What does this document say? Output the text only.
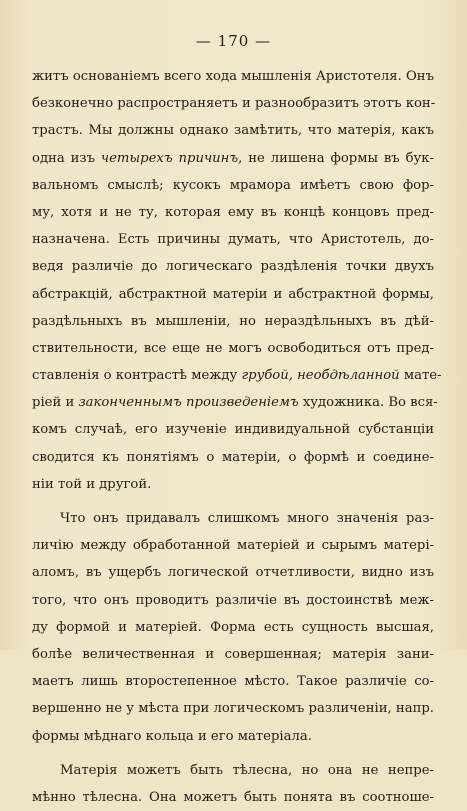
— 170 —
житъ основаніемъ всего хода мышленія Аристотеля. Онъ
безконечно распространяетъ и разнообразитъ этотъ кон-
трастъ. Мы должны однако замѣтить, что матерія, какъ
одна изъ четырехъ причинъ, не лишена формы въ бук-
вальномъ смыслѣ; кусокъ мрамора имѣетъ свою фор-
му, хотя и не ту, которая ему въ концѣ концовъ пред-
назначена. Есть причины думать, что Аристотель, до-
ведя различіе до логическаго раздѣленія точки двухъ
абстракцій, абстрактной матеріи и абстрактной формы,
раздѣльныхъ въ мышленіи, но нераздѣльныхъ въ дѣй-
ствительности, все еще не могъ освободиться отъ пред-
ставленія о контрастѣ между грубой, необдѣланной мате-
ріей и законченнымъ произведеніемъ художника. Во вся-
комъ случаѣ, его изученіе индивидуальной субстанціи
сводится къ понятіямъ о матеріи, о формѣ и соедине-
ніи той и другой.
Что онъ придавалъ слишкомъ много значенія раз-
личію между обработанной матеріей и сырымъ матері-
аломъ, въ ущербъ логической отчетливости, видно изъ
того, что онъ проводитъ различіе въ достоинствѣ меж-
ду формой и матеріей. Форма есть сущность высшая,
болѣе величественная и совершенная; матерія зани-
маетъ лишь второстепенное мѣсто. Такое различіе со-
вершенно не у мѣста при логическомъ различеніи, напр.
формы мѣднаго кольца и его матеріала.
Матерія можетъ быть тѣлесна, но она не непре-
мѣнно тѣлесна. Она можетъ быть понята въ соотноше-
